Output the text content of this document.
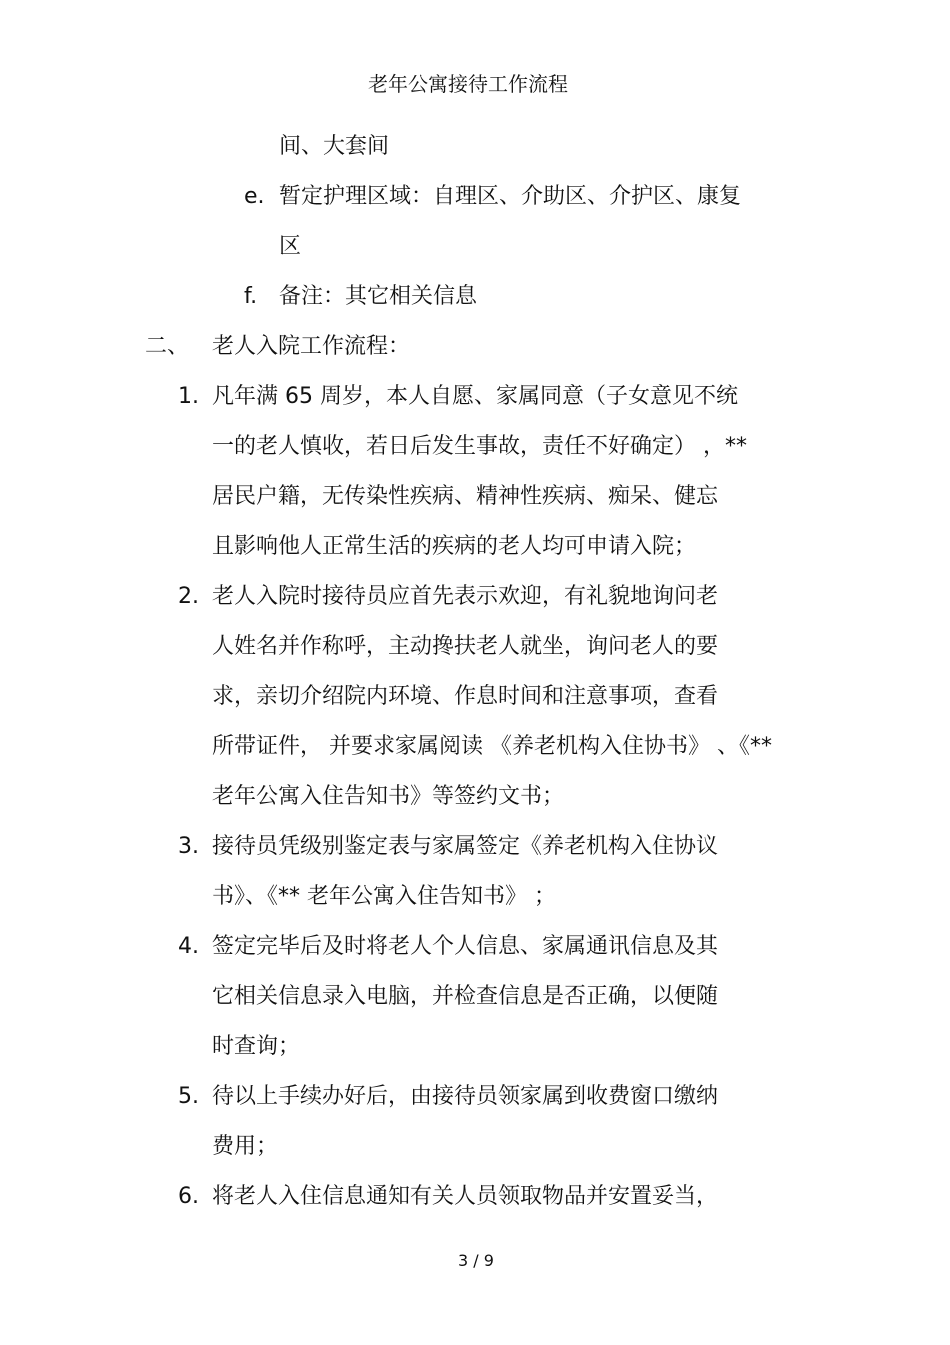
老年公寓接待工作流程
间、大套间
e. 暂定护理区域：自理区、介助区、介护区、康复
区
f. 备注：其它相关信息
二、 老人入院工作流程：
1. 凡年满 65 周岁，本人自愿、家属同意（子女意见不统
一的老人慎收，若日后发生事故，责任不好确定） ，**
居民户籍，无传染性疾病、精神性疾病、痴呆、健忘
且影响他人正常生活的疾病的老人均可申请入院；
2. 老人入院时接待员应首先表示欢迎，有礼貌地询问老
人姓名并作称呼，主动搀扶老人就坐，询问老人的要
求，亲切介绍院内环境、作息时间和注意事项，查看
所带证件， 并要求家属阅读 《养老机构入住协书》 、《**
老年公寓入住告知书》等签约文书；
3. 接待员凭级别鉴定表与家属签定《养老机构入住协议
书》、《** 老年公寓入住告知书》 ；
4. 签定完毕后及时将老人个人信息、家属通讯信息及其
它相关信息录入电脑，并检查信息是否正确，以便随
时查询；
5. 待以上手续办好后，由接待员领家属到收费窗口缴纳
费用；
6. 将老人入住信息通知有关人员领取物品并安置妥当，
3 / 9
